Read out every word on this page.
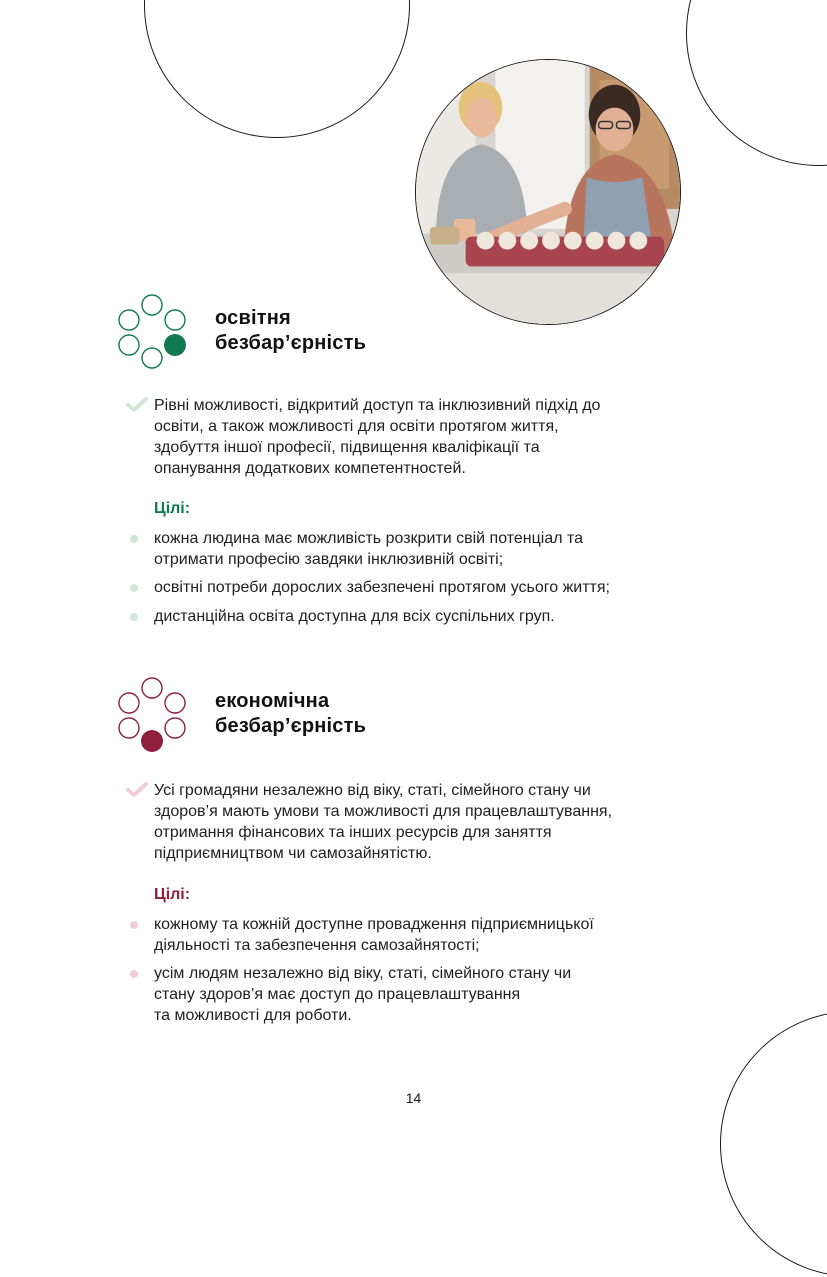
освітня
безбар’єрність
Рівні можливості, відкритий доступ та інклюзивний підхід до
освіти, а також можливості для освіти протягом життя,
здобуття іншої професії, підвищення кваліфікації та
опанування додаткових компетентностей.
Цілі:
кожна людина має можливість розкрити свій потенціал та
отримати професію завдяки інклюзивній освіті;
освітні потреби дорослих забезпечені протягом усього життя;
дистанційна освіта доступна для всіх суспільних груп.
економічна
безбар’єрність
Усі громадяни незалежно від віку, статі, сімейного стану чи
здоров’я мають умови та можливості для працевлаштування,
отримання фінансових та інших ресурсів для заняття
підприємництвом чи самозайнятістю.
Цілі:
кожному та кожній доступне провадження підприємницької
діяльності та забезпечення самозайнятості;
усім людям незалежно від віку, статі, сімейного стану чи
стану здоров’я має доступ до працевлаштування
та можливості для роботи.
14
